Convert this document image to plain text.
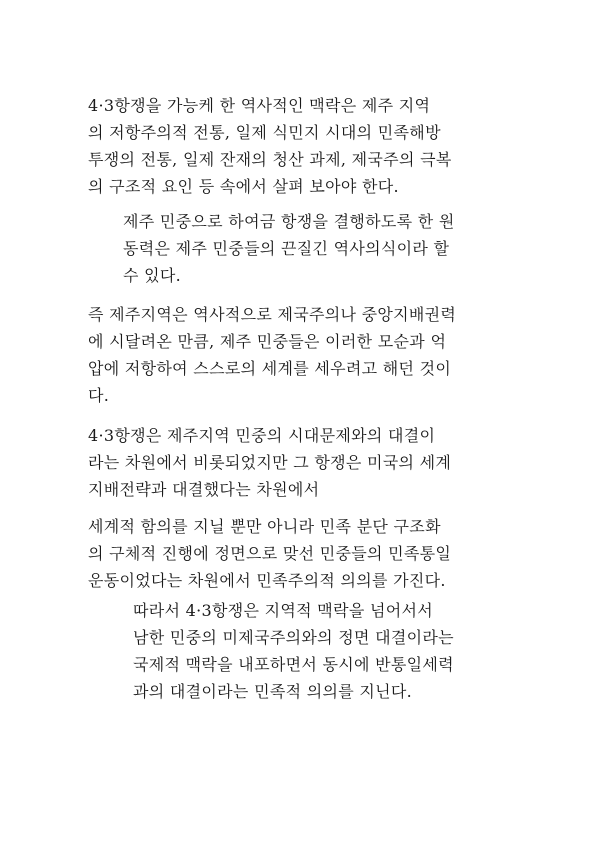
4·3항쟁을 가능케 한 역사적인 맥락은 제주 지역
의 저항주의적 전통, 일제 식민지 시대의 민족해방
투쟁의 전통, 일제 잔재의 청산 과제, 제국주의 극복
의 구조적 요인 등 속에서 살펴 보아야 한다.

제주 민중으로 하여금 항쟁을 결행하도록 한 원
동력은 제주 민중들의 끈질긴 역사의식이라 할
수 있다.

즉 제주지역은 역사적으로 제국주의나 중앙지배권력
에 시달려온 만큼, 제주 민중들은 이러한 모순과 억
압에 저항하여 스스로의 세계를 세우려고 해던 것이
다.

4·3항쟁은 제주지역 민중의 시대문제와의 대결이
라는 차원에서 비롯되었지만 그 항쟁은 미국의 세계
지배전략과 대결했다는 차원에서

세계적 함의를 지닐 뿐만 아니라 민족 분단 구조화
의 구체적 진행에 정면으로 맞선 민중들의 민족통일
운동이었다는 차원에서 민족주의적 의의를 가진다.

따라서 4·3항쟁은 지역적 맥락을 넘어서서
남한 민중의 미제국주의와의 정면 대결이라는
국제적 맥락을 내포하면서 동시에 반통일세력
과의 대결이라는 민족적 의의를 지닌다.
